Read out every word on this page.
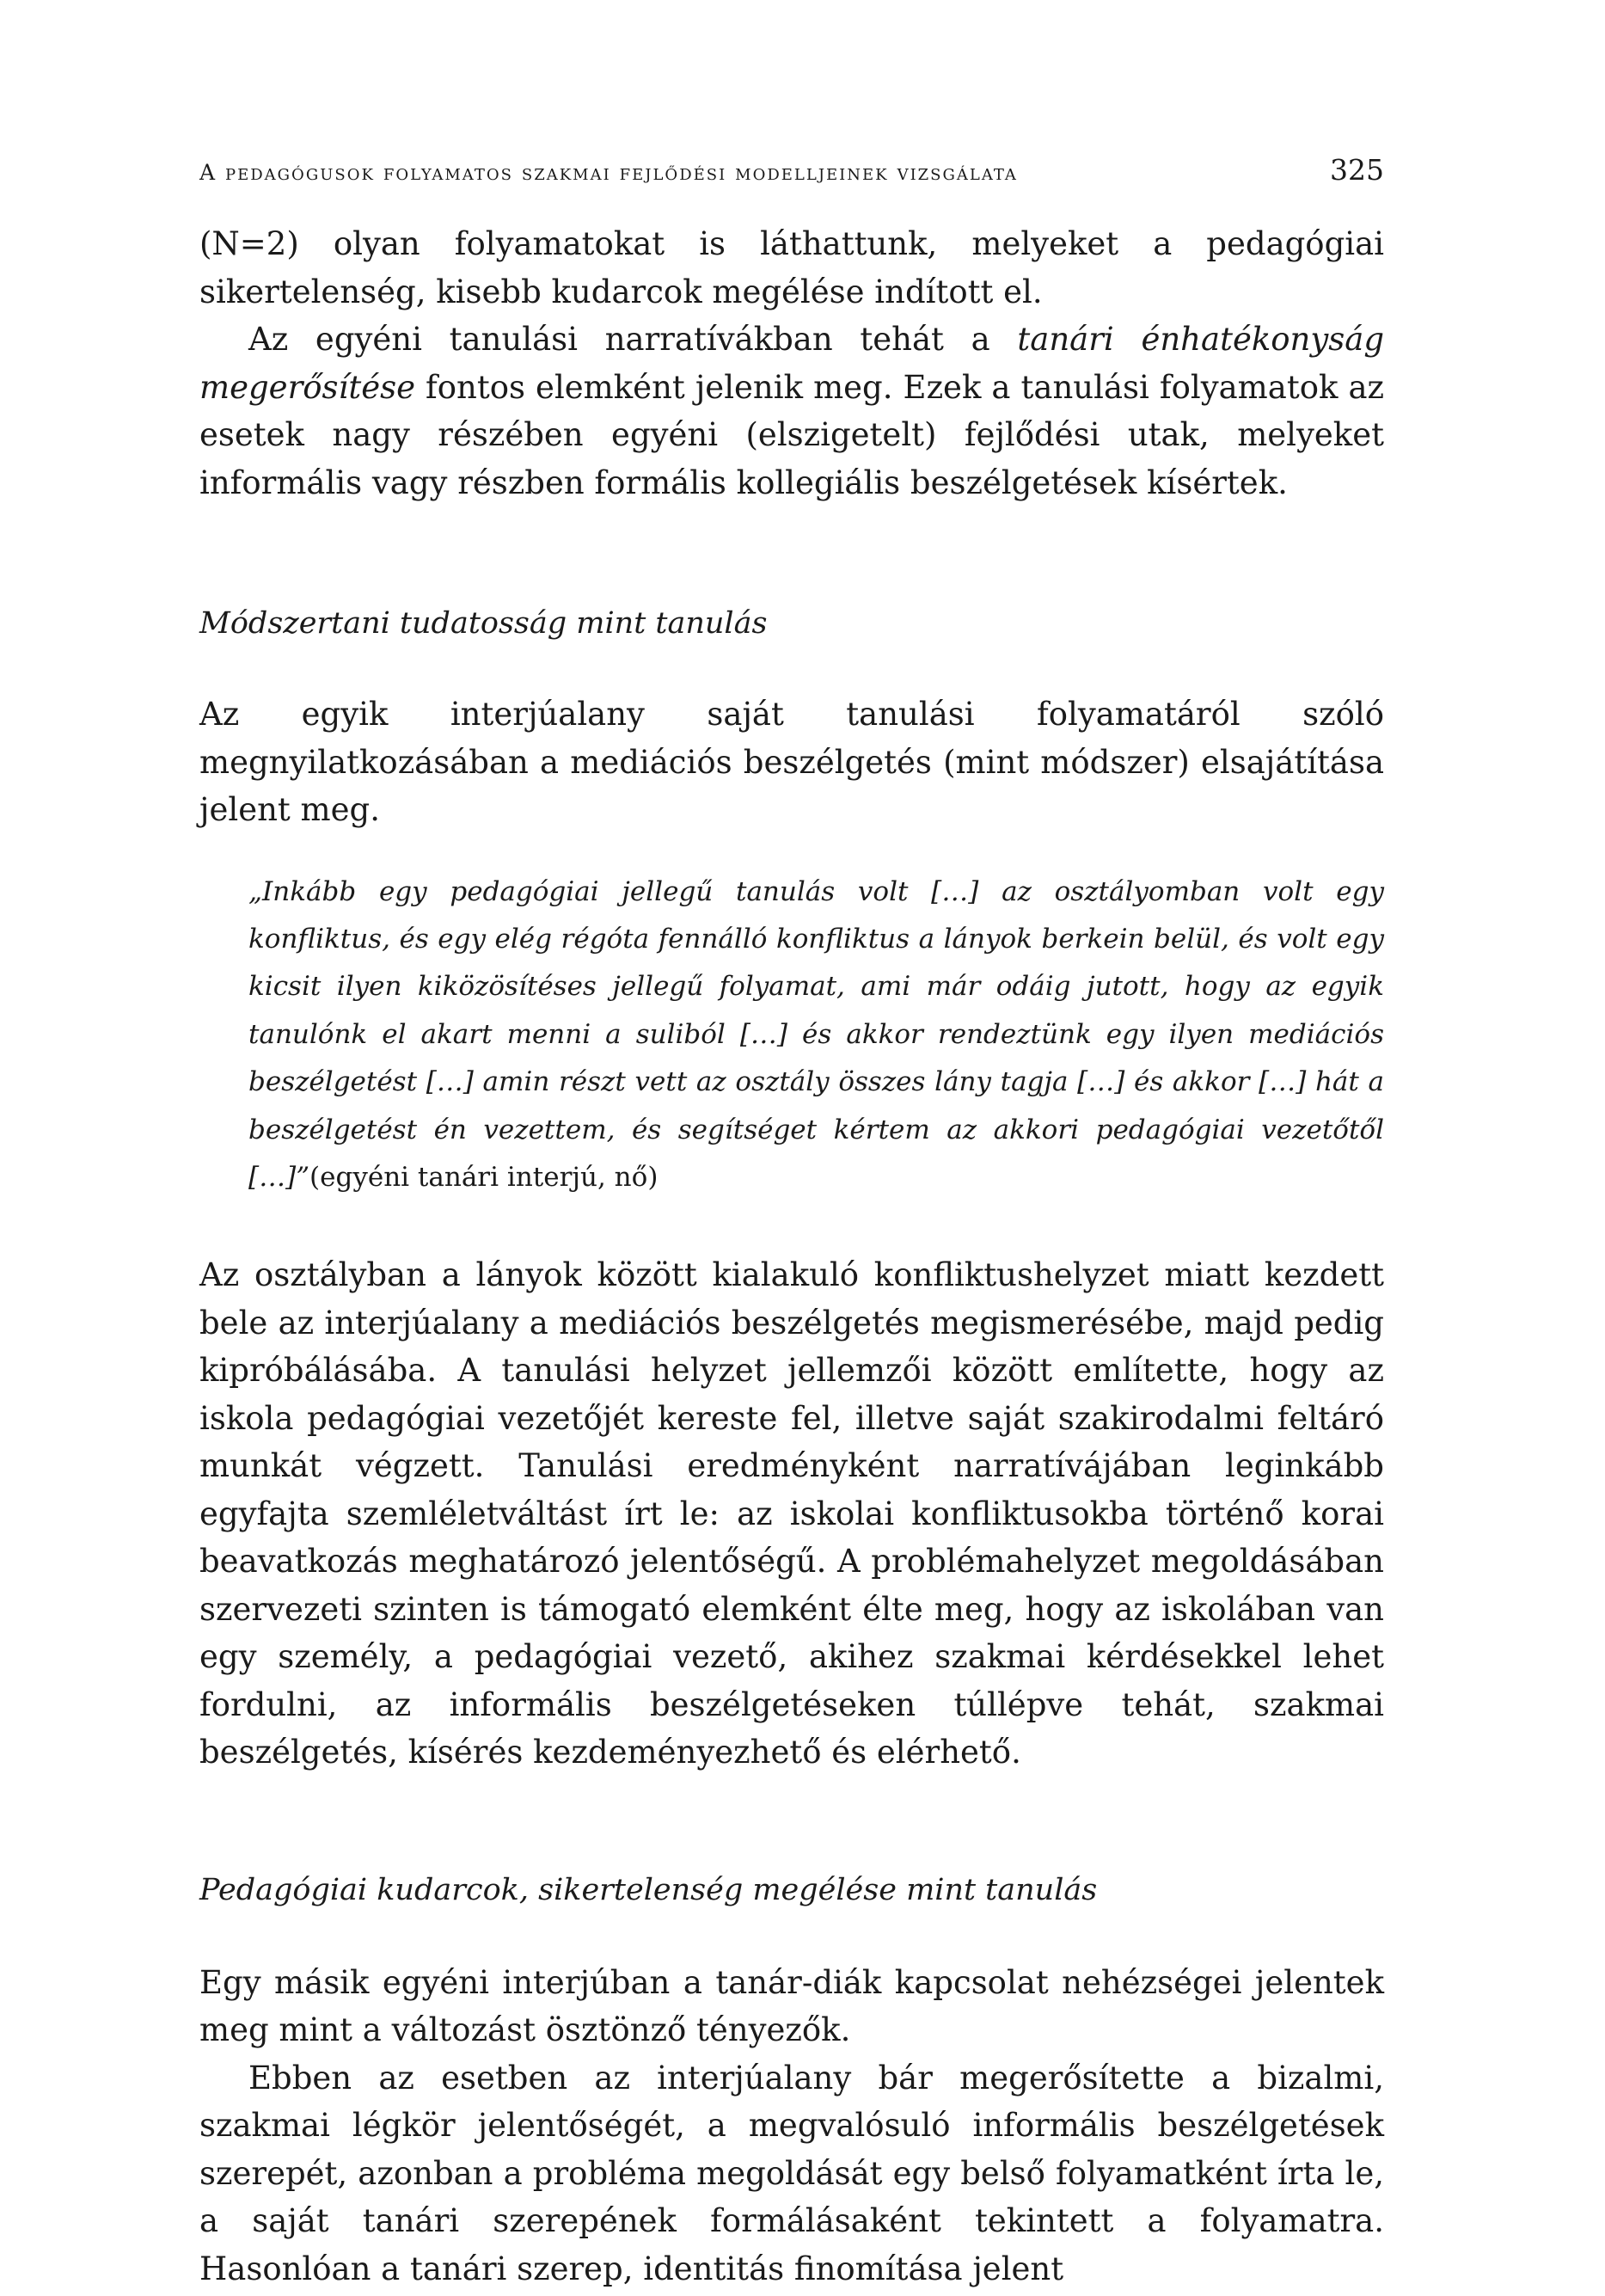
A pedagógusok folyamatos szakmai fejlődési modelljeinek vizsgálata	325

(N=2) olyan folyamatokat is láthattunk, melyeket a pedagógiai sikertelenség, kisebb kudarcok megélése indított el.

Az egyéni tanulási narratívákban tehát a tanári énhatékonyság megerősítése fontos elemként jelenik meg. Ezek a tanulási folyamatok az esetek nagy részében egyéni (elszigetelt) fejlődési utak, melyeket informális vagy részben formális kollegiális beszélgetések kísértek.

Módszertani tudatosság mint tanulás

Az egyik interjúalany saját tanulási folyamatáról szóló megnyilatkozásában a mediációs beszélgetés (mint módszer) elsajátítása jelent meg.

„Inkább egy pedagógiai jellegű tanulás volt […] az osztályomban volt egy konfliktus, és egy elég régóta fennálló konfliktus a lányok berkein belül, és volt egy kicsit ilyen kiközösítéses jellegű folyamat, ami már odáig jutott, hogy az egyik tanulónk el akart menni a suliból […] és akkor rendeztünk egy ilyen mediációs beszélgetést […] amin részt vett az osztály összes lány tagja […] és akkor […] hát a beszélgetést én vezettem, és segítséget kértem az akkori pedagógiai vezetőtől […]”(egyéni tanári interjú, nő)

Az osztályban a lányok között kialakuló konfliktushelyzet miatt kezdett bele az interjúalany a mediációs beszélgetés megismerésébe, majd pedig kipróbálásába. A tanulási helyzet jellemzői között említette, hogy az iskola pedagógiai vezetőjét kereste fel, illetve saját szakirodalmi feltáró munkát végzett. Tanulási eredményként narratívájában leginkább egyfajta szemléletváltást írt le: az iskolai konfliktusokba történő korai beavatkozás meghatározó jelentőségű. A problémahelyzet megoldásában szervezeti szinten is támogató elemként élte meg, hogy az iskolában van egy személy, a pedagógiai vezető, akihez szakmai kérdésekkel lehet fordulni, az informális beszélgetéseken túllépve tehát, szakmai beszélgetés, kísérés kezdeményezhető és elérhető.

Pedagógiai kudarcok, sikertelenség megélése mint tanulás

Egy másik egyéni interjúban a tanár-diák kapcsolat nehézségei jelentek meg mint a változást ösztönző tényezők.

Ebben az esetben az interjúalany bár megerősítette a bizalmi, szakmai légkör jelentőségét, a megvalósuló informális beszélgetések szerepét, azonban a probléma megoldását egy belső folyamatként írta le, a saját tanári szerepének formálásaként tekintett a folyamatra. Hasonlóan a tanári szerep, identitás finomítása jelent
